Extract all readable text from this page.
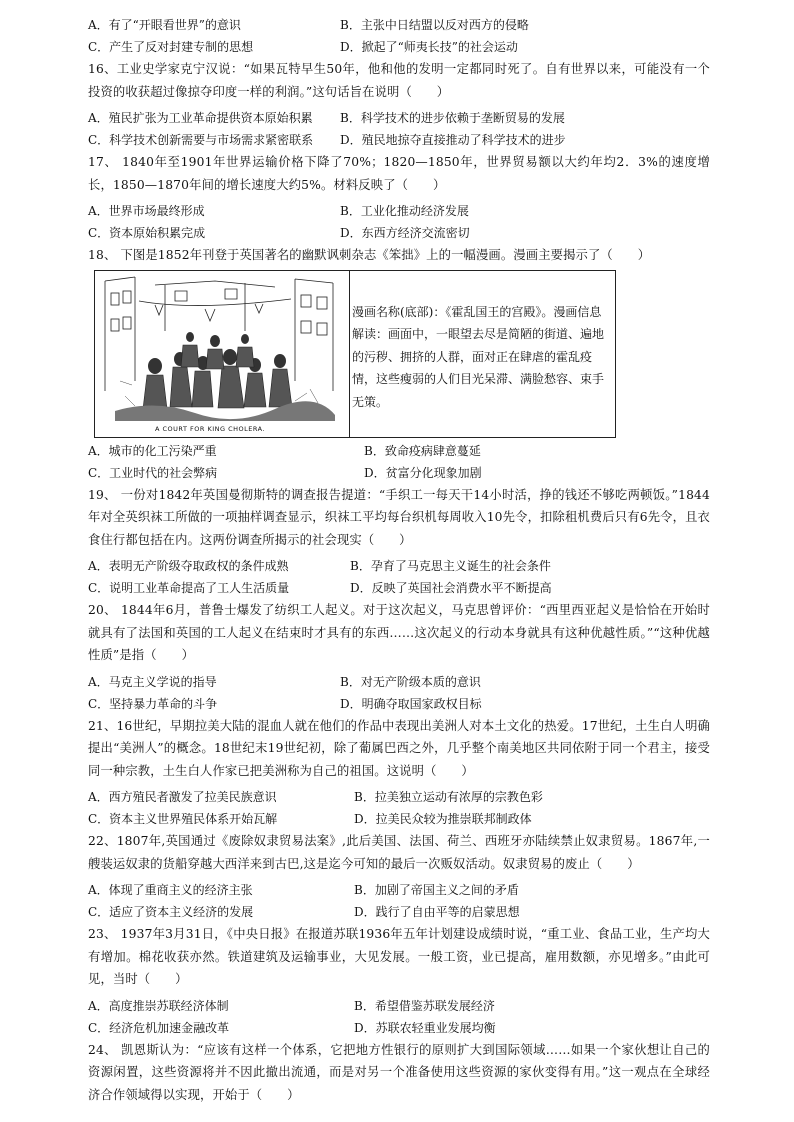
A．有了“开眼看世界”的意识	B．主张中日结盟以反对西方的侵略
C．产生了反对封建专制的思想	D．掀起了“师夷长技”的社会运动

16、工业史学家克宁汉说：“如果瓦特早生50年，他和他的发明一定都同时死了。自有世界以来，可能没有一个投资的收获超过像掠夺印度一样的利润。”这句话旨在说明（　　）

A．殖民扩张为工业革命提供资本原始积累 B．科学技术的进步依赖于垄断贸易的发展
C．科学技术创新需要与市场需求紧密联系 D．殖民地掠夺直接推动了科学技术的进步

17、 1840年至1901年世界运输价格下降了70%；1820—1850年，世界贸易额以大约年均2．3%的速度增长，1850—1870年间的增长速度大约5%。材料反映了（　　）

A．世界市场最终形成	B．工业化推动经济发展
C．资本原始积累完成	D．东西方经济交流密切

18、 下图是1852年刊登于英国著名的幽默讽刺杂志《笨拙》上的一幅漫画。漫画主要揭示了（　　）

A COURT FOR KING CHOLERA.
漫画名称(底部)：《霍乱国王的宫殿》。漫画信息解读：画面中，一眼望去尽是简陋的街道、遍地的污秽、拥挤的人群，面对正在肆虐的霍乱疫情，这些瘦弱的人们目光呆滞、满脸愁容、束手无策。
A．城市的化工污染严重	B．致命疫病肆意蔓延
C．工业时代的社会弊病	D．贫富分化现象加剧

19、 一份对1842年英国曼彻斯特的调查报告提道：“手织工一每天干14小时活，挣的钱还不够吃两顿饭。”1844年对全英织袜工所做的一项抽样调查显示，织袜工平均每台织机每周收入10先令，扣除租机费后只有6先令，且衣食住行都包括在内。这两份调查所揭示的社会现实（　　）

A．表明无产阶级夺取政权的条件成熟	B．孕育了马克思主义诞生的社会条件
C．说明工业革命提高了工人生活质量	D．反映了英国社会消费水平不断提高

20、 1844年6月，普鲁士爆发了纺织工人起义。对于这次起义，马克思曾评价：“西里西亚起义是恰恰在开始时就具有了法国和英国的工人起义在结束时才具有的东西……这次起义的行动本身就具有这种优越性质。”“这种优越性质”是指（　　）

A．马克主义学说的指导	B．对无产阶级本质的意识
C．坚持暴力革命的斗争	D．明确夺取国家政权目标

21、16世纪，早期拉美大陆的混血人就在他们的作品中表现出美洲人对本土文化的热爱。17世纪，土生白人明确提出“美洲人”的概念。18世纪末19世纪初，除了葡属巴西之外，几乎整个南美地区共同依附于同一个君主，接受同一种宗教，土生白人作家已把美洲称为自己的祖国。这说明（　　）

A．西方殖民者激发了拉美民族意识	B．拉美独立运动有浓厚的宗教色彩
C．资本主义世界殖民体系开始瓦解	D．拉美民众较为推崇联邦制政体

22、1807年,英国通过《废除奴隶贸易法案》,此后美国、法国、荷兰、西班牙亦陆续禁止奴隶贸易。1867年,一艘装运奴隶的货船穿越大西洋来到古巴,这是迄今可知的最后一次贩奴活动。奴隶贸易的废止（　　）

A．体现了重商主义的经济主张	B．加剧了帝国主义之间的矛盾
C．适应了资本主义经济的发展	D．践行了自由平等的启蒙思想

23、 1937年3月31日，《中央日报》在报道苏联1936年五年计划建设成绩时说，“重工业、食品工业，生产均大有增加。棉花收获亦然。铁道建筑及运输事业，大见发展。一般工资，业已提高，雇用数额，亦见增多。”由此可见，当时（　　）

A．高度推崇苏联经济体制	B．希望借鉴苏联发展经济
C．经济危机加速金融改革	D．苏联农轻重业发展均衡

24、 凯恩斯认为：“应该有这样一个体系，它把地方性银行的原则扩大到国际领域……如果一个家伙想让自己的资源闲置，这些资源将并不因此撤出流通，而是对另一个准备使用这些资源的家伙变得有用。”这一观点在全球经济合作领域得以实现，开始于（　　）
